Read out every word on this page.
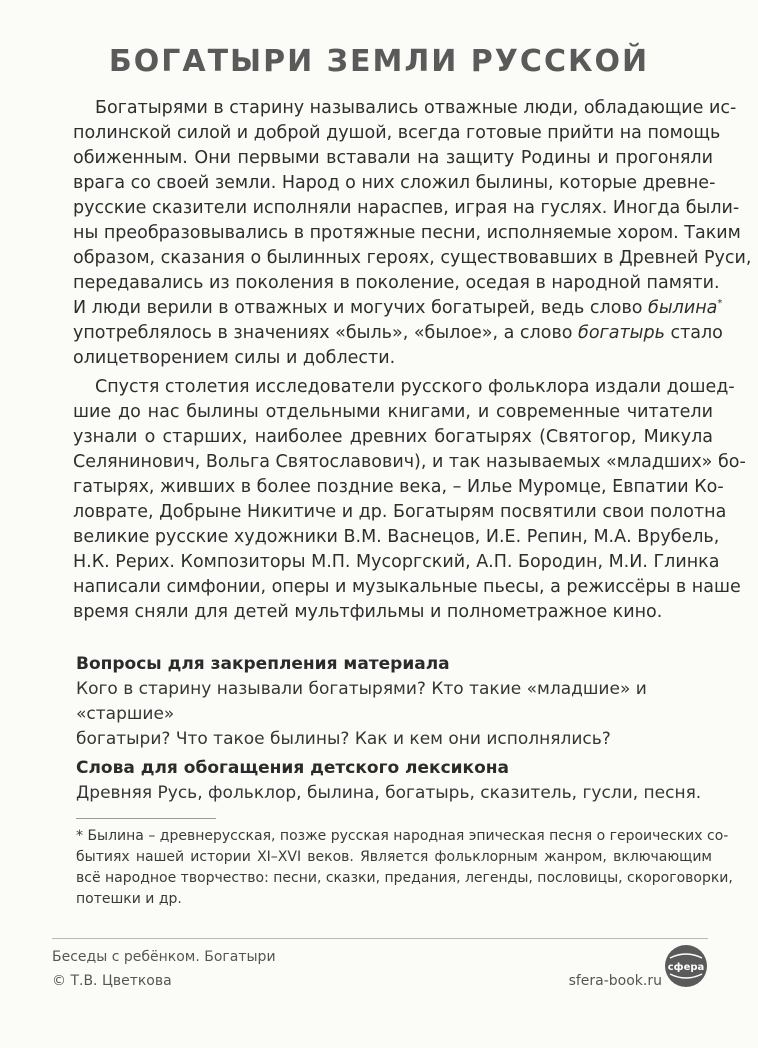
БОГАТЫРИ ЗЕМЛИ РУССКОЙ
Богатырями в старину назывались отважные люди, обладающие ис-
полинской силой и доброй душой, всегда готовые прийти на помощь
обиженным. Они первыми вставали на защиту Родины и прогоняли
врага со своей земли. Народ о них сложил былины, которые древне-
русские сказители исполняли нараспев, играя на гуслях. Иногда были-
ны преобразовывались в протяжные песни, исполняемые хором. Таким
образом, сказания о былинных героях, существовавших в Древней Руси,
передавались из поколения в поколение, оседая в народной памяти.
И люди верили в отважных и могучих богатырей, ведь слово былина*
употреблялось в значениях «быль», «былое», а слово богатырь стало
олицетворением силы и доблести.
Спустя столетия исследователи русского фольклора издали дошед-
шие до нас былины отдельными книгами, и современные читатели
узнали о старших, наиболее древних богатырях (Святогор, Микула
Селянинович, Вольга Святославович), и так называемых «младших» бо-
гатырях, живших в более поздние века, – Илье Муромце, Евпатии Ко-
ловрате, Добрыне Никитиче и др. Богатырям посвятили свои полотна
великие русские художники В.М. Васнецов, И.Е. Репин, М.А. Врубель,
Н.К. Рерих. Композиторы М.П. Мусоргский, А.П. Бородин, М.И. Глинка
написали симфонии, оперы и музыкальные пьесы, а режиссёры в наше
время сняли для детей мультфильмы и полнометражное кино.

Вопросы для закрепления материала

Кого в старину называли богатырями? Кто такие «младшие» и «старшие»

богатыри? Что такое былины? Как и кем они исполнялись?

Слова для обогащения детского лексикона

Древняя Русь, фольклор, былина, богатырь, сказитель, гусли, песня.

* Былина – древнерусская, позже русская народная эпическая песня о героических со-
бытиях нашей истории XI–XVI веков. Является фольклорным жанром, включающим
всё народное творчество: песни, сказки, предания, легенды, пословицы, скороговорки,
потешки и др.
Беседы с ребёнком. Богатыри
© Т.В. Цветкова	sfera-book.ru
сфера
